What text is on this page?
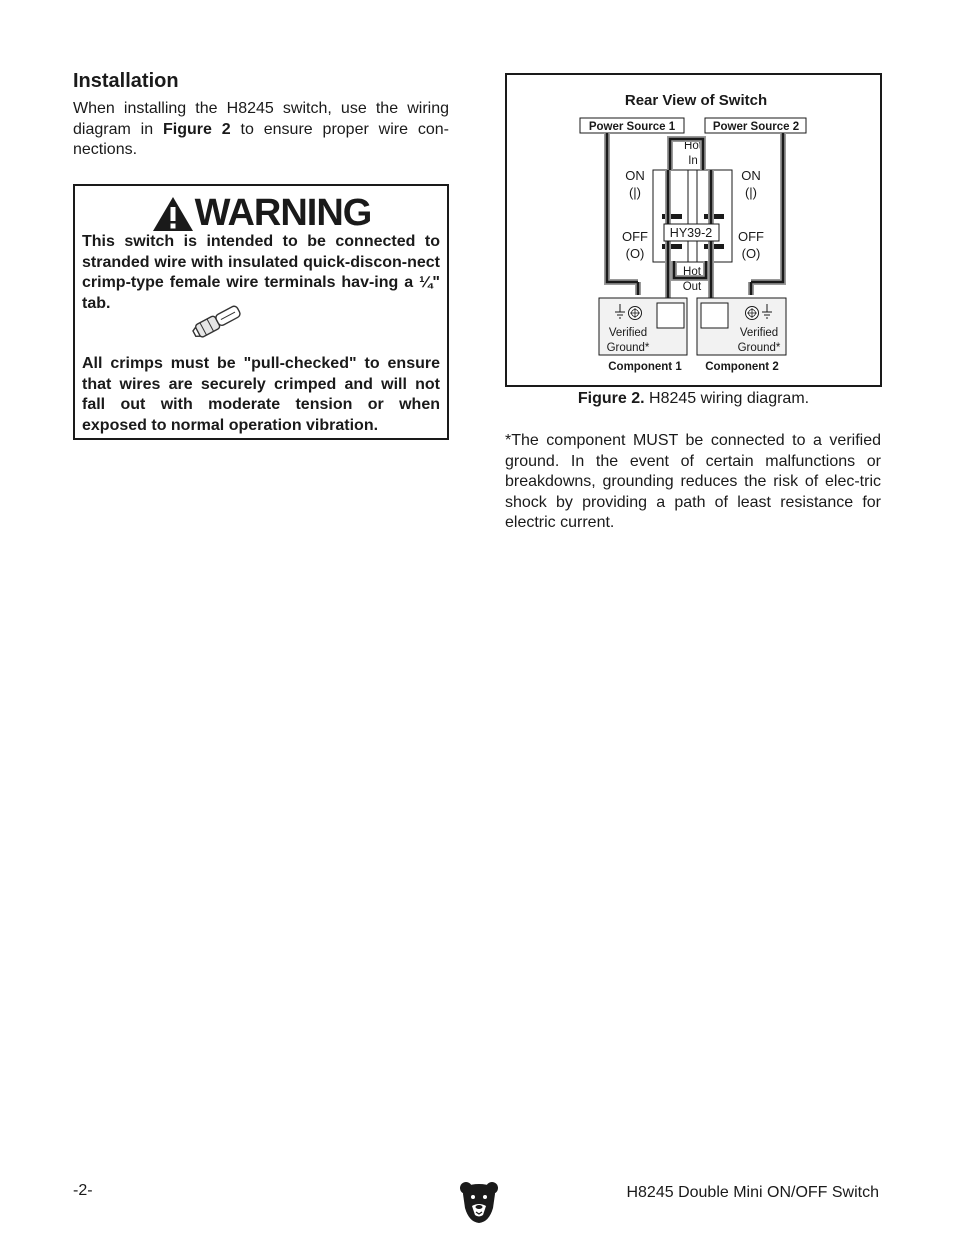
Installation
When installing the H8245 switch, use the wiring diagram in Figure 2 to ensure proper wire con-nections.
WARNING
This switch is intended to be connected to stranded wire with insulated quick-discon-nect crimp-type female wire terminals hav-ing a ¼" tab.
All crimps must be "pull-checked" to ensure that wires are securely crimped and will not fall out with moderate tension or when exposed to normal operation vibration.
Rear View of Switch
Power Source 1	Power Source 2
Hot
In
Hot
Out
ON
(|)
ON
(|)
OFF
(O)
OFF
(O)
HY39-2
Verified
Ground*
Component 1
Verified
Ground*
Component 2
Figure 2. H8245 wiring diagram.
*The component MUST be connected to a verified ground. In the event of certain malfunctions or breakdowns, grounding reduces the risk of elec-tric shock by providing a path of least resistance for electric current.
-2-	H8245 Double Mini ON/OFF Switch
